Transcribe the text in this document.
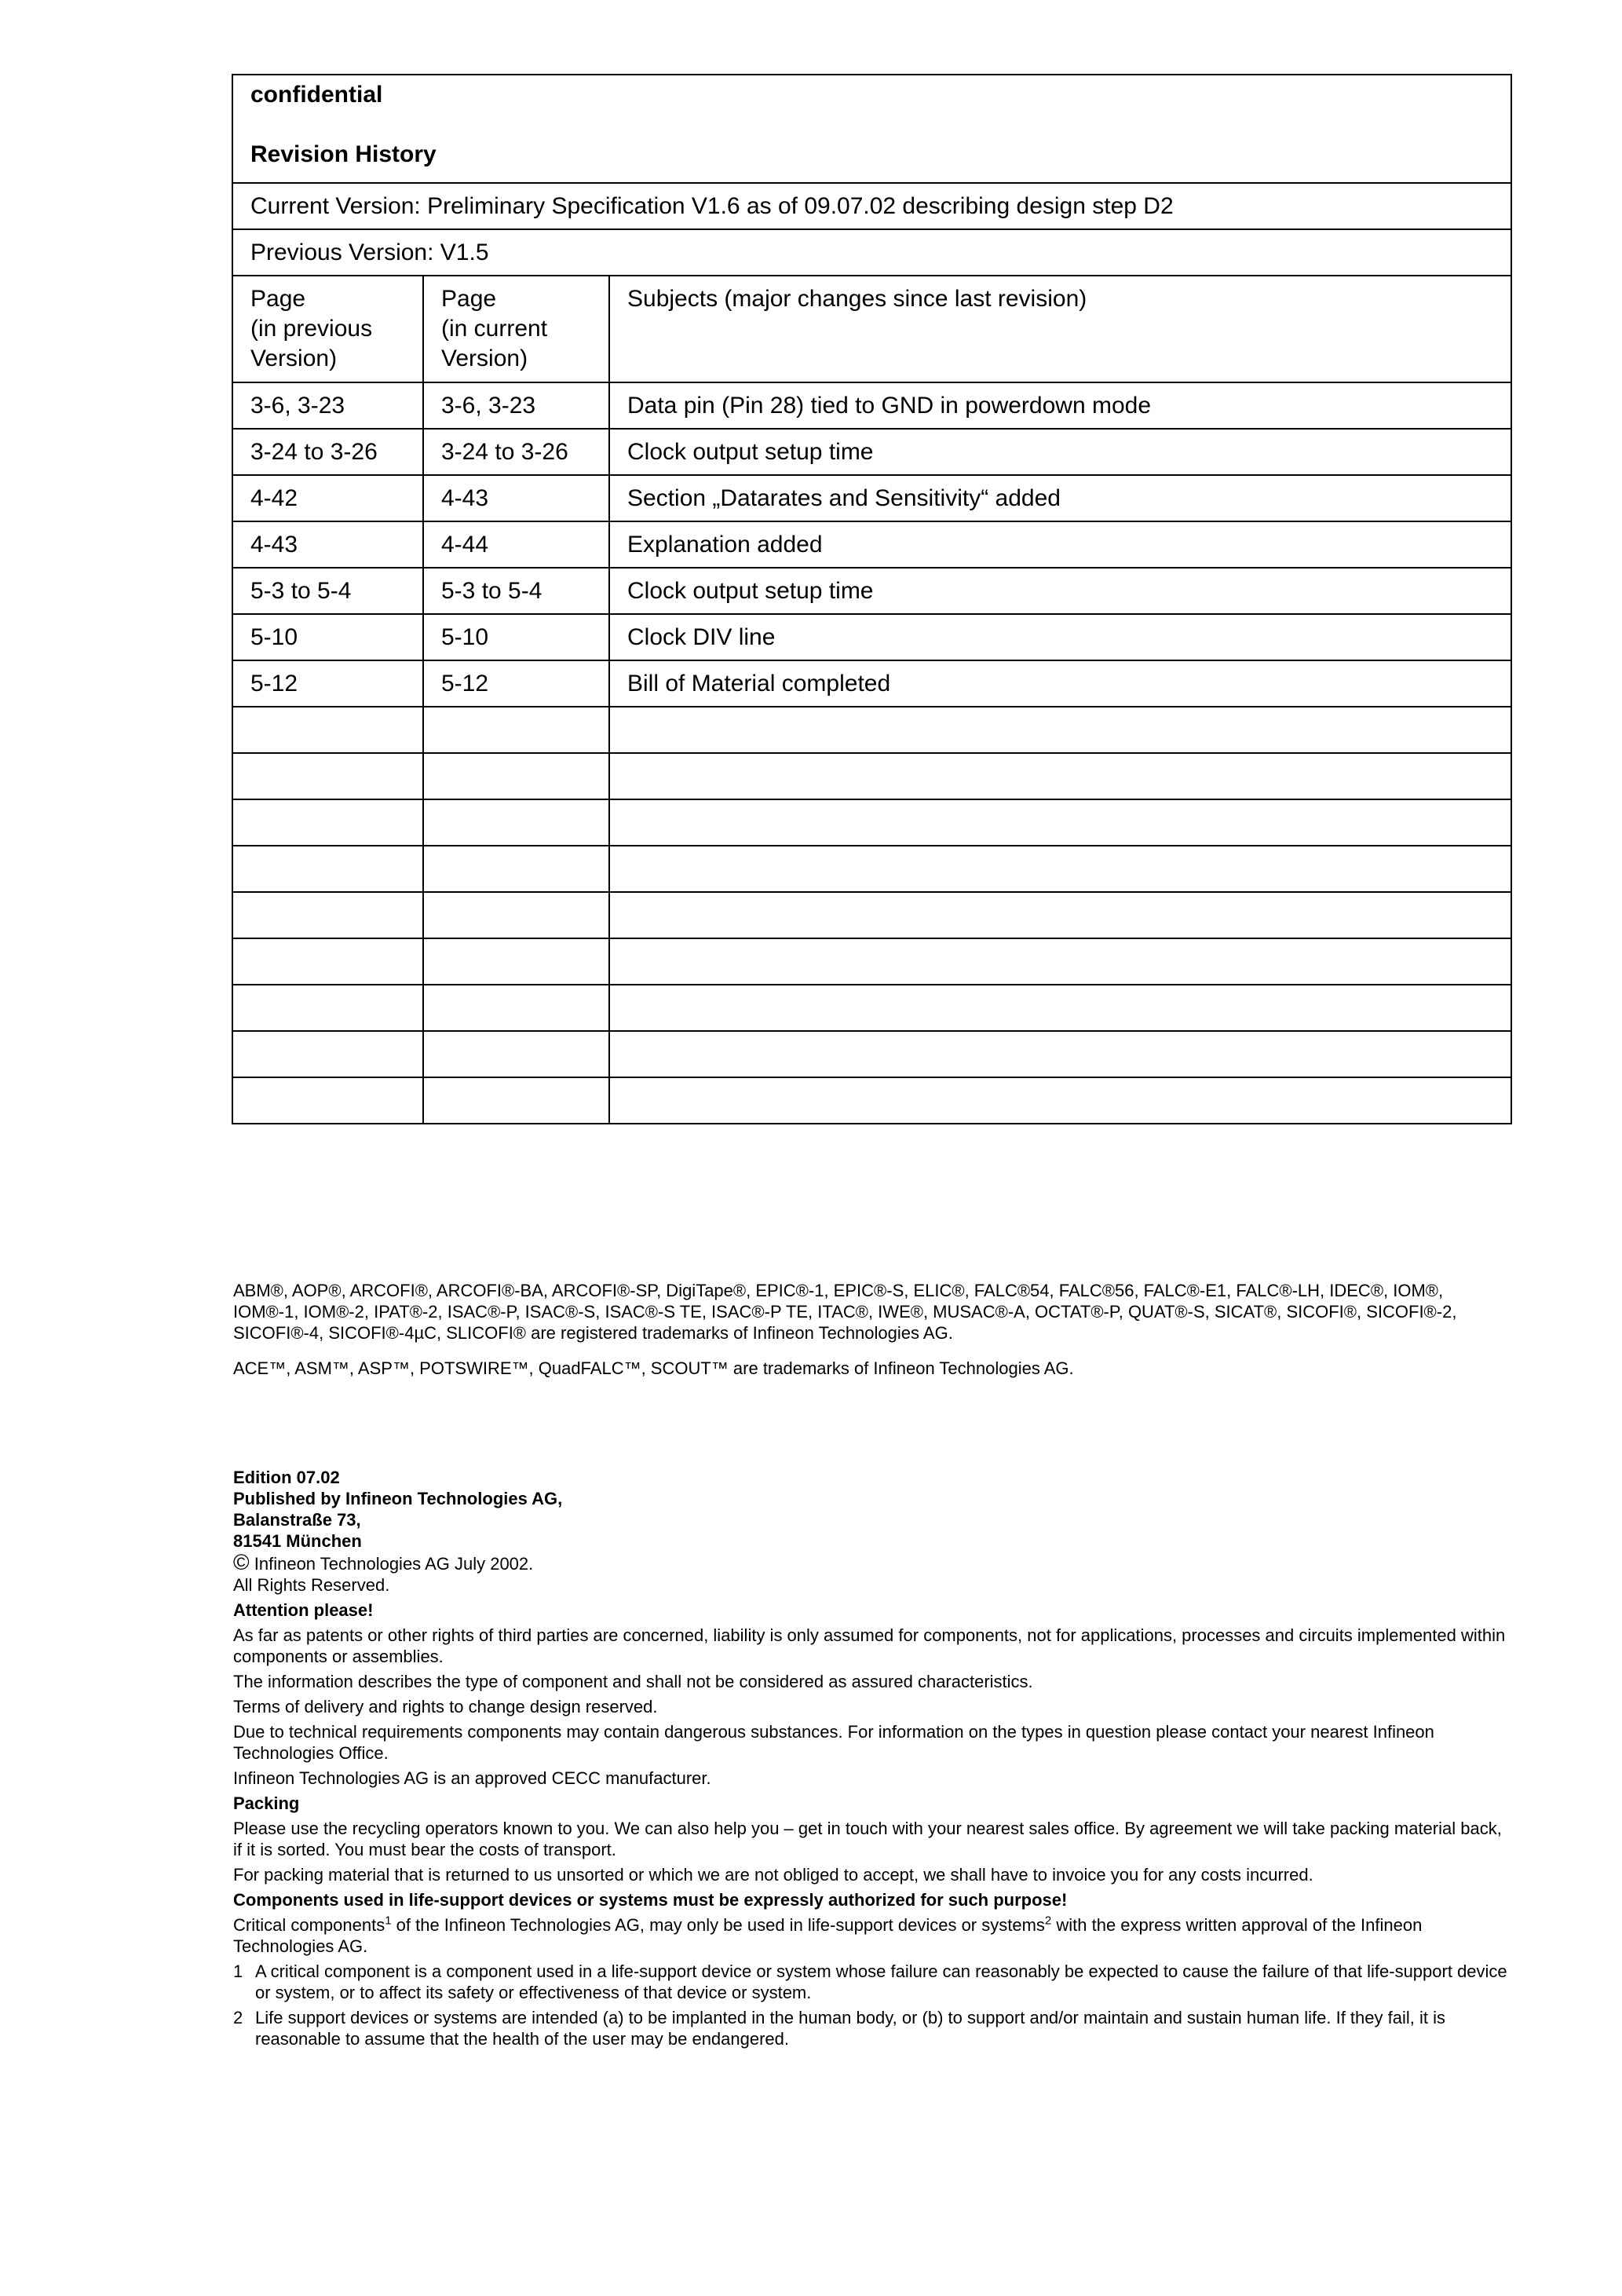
confidential
Revision History		

Current Version: Preliminary Specification V1.6 as of 09.07.02 describing design step D2		

Previous Version: V1.5		

Page
(in previous
Version)	Page
(in current
Version)	Subjects (major changes since last revision)

3-6, 3-23	3-6, 3-23	Data pin (Pin 28) tied to GND in powerdown mode

3-24 to 3-26	3-24 to 3-26	Clock output setup time

4-42	4-43	Section „Datarates and Sensitivity“ added

4-43	4-44	Explanation added

5-3 to 5-4	5-3 to 5-4	Clock output setup time

5-10	5-10	Clock DIV line

5-12	5-12	Bill of Material completed

ABM®, AOP®, ARCOFI®, ARCOFI®-BA, ARCOFI®-SP, DigiTape®, EPIC®-1, EPIC®-S, ELIC®, FALC®54, FALC®56, FALC®-E1, FALC®-LH, IDEC®, IOM®, IOM®-1, IOM®-2, IPAT®-2, ISAC®-P, ISAC®-S, ISAC®-S TE, ISAC®-P TE, ITAC®, IWE®, MUSAC®-A, OCTAT®-P, QUAT®-S, SICAT®, SICOFI®, SICOFI®-2, SICOFI®-4, SICOFI®-4µC, SLICOFI® are registered trademarks of Infineon Technologies AG.

ACE™, ASM™, ASP™, POTSWIRE™, QuadFALC™, SCOUT™ are trademarks of Infineon Technologies AG.

Edition 07.02

Published by Infineon Technologies AG,

Balanstraße 73,

81541 München

© Infineon Technologies AG July 2002.

All Rights Reserved.

Attention please!

As far as patents or other rights of third parties are concerned, liability is only assumed for components, not for applications, processes and circuits implemented within components or assemblies.

The information describes the type of component and shall not be considered as assured characteristics.

Terms of delivery and rights to change design reserved.

Due to technical requirements components may contain dangerous substances. For information on the types in question please contact your nearest Infineon Technologies Office.

Infineon Technologies AG is an approved CECC manufacturer.

Packing

Please use the recycling operators known to you. We can also help you – get in touch with your nearest sales office. By agreement we will take packing material back, if it is sorted. You must bear the costs of transport.

For packing material that is returned to us unsorted or which we are not obliged to accept, we shall have to invoice you for any costs incurred.

Components used in life-support devices or systems must be expressly authorized for such purpose!

Critical components$^1$ of the Infineon Technologies AG, may only be used in life-support devices or systems$^2$ with the express written approval of the Infineon Technologies AG.

1 A critical component is a component used in a life-support device or system whose failure can reasonably be expected to cause the failure of that life-support device or system, or to affect its safety or effectiveness of that device or system.
2 Life support devices or systems are intended (a) to be implanted in the human body, or (b) to support and/or maintain and sustain human life. If they fail, it is reasonable to assume that the health of the user may be endangered.
